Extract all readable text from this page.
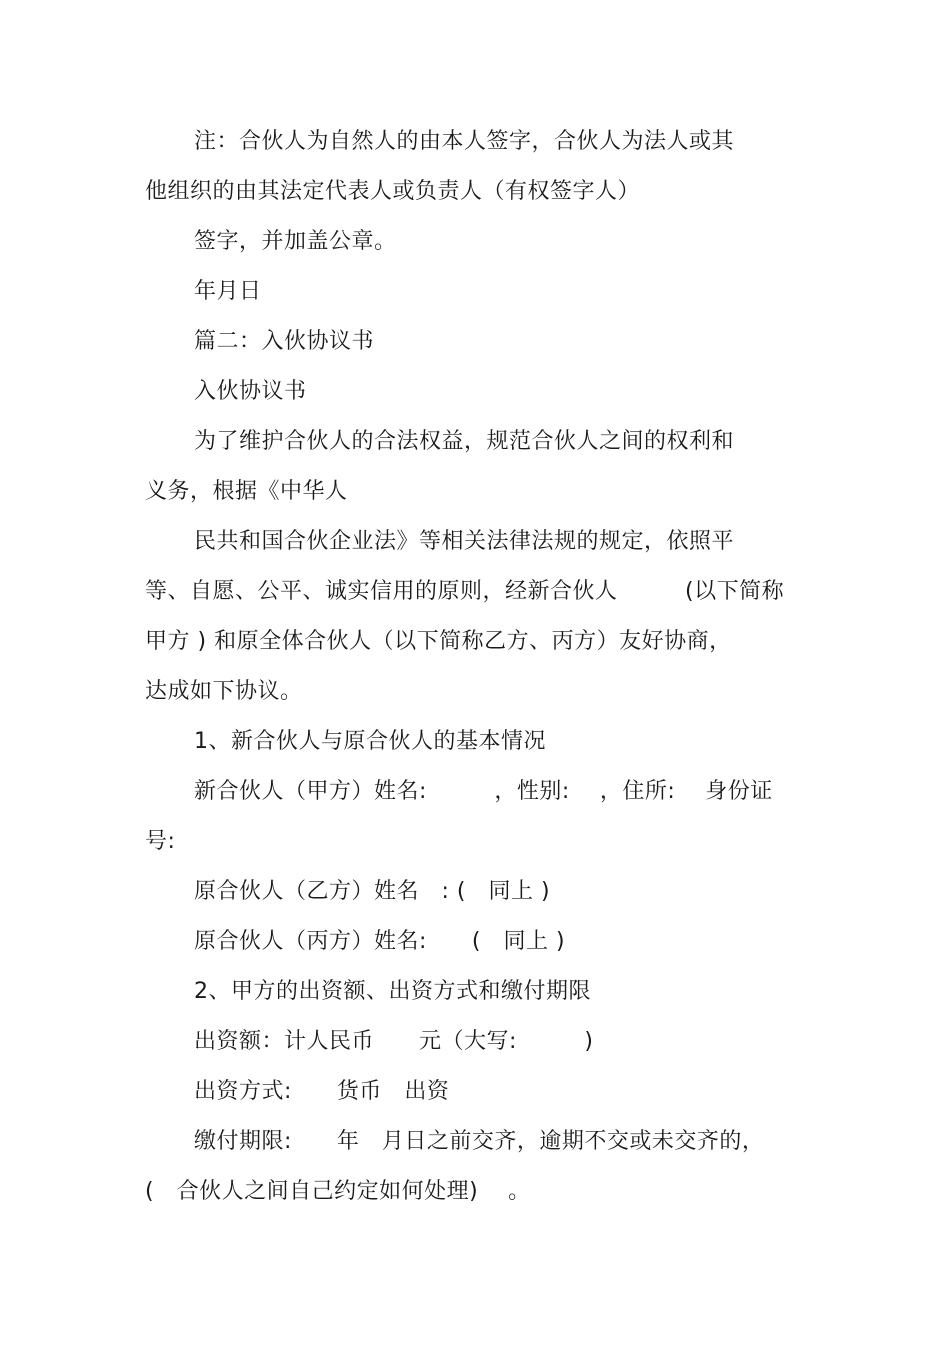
注：合伙人为自然人的由本人签字，合伙人为法人或其
他组织的由其法定代表人或负责人（有权签字人）
签字，并加盖公章。
年月日
篇二：入伙协议书
入伙协议书
为了维护合伙人的合法权益，规范合伙人之间的权利和
义务，根据《中华人
民共和国合伙企业法》等相关法律法规的规定，依照平
等、自愿、公平、诚实信用的原则，经新合伙人　　　(以下简称
甲方 ) 和原全体合伙人（以下简称乙方、丙方）友好协商，
达成如下协议。
1、新合伙人与原合伙人的基本情况
新合伙人（甲方）姓名:　　　，性别:　 ，住所:　 身份证
号:
原合伙人（乙方）姓名　: (　同上 )
原合伙人（丙方）姓名:　　(　同上 )
2、甲方的出资额、出资方式和缴付期限
出资额：计人民币　　元（大写:　　　)
出资方式:　　货币　出资
缴付期限:　　年　月日之前交齐，逾期不交或未交齐的，
(　合伙人之间自己约定如何处理)　 。
